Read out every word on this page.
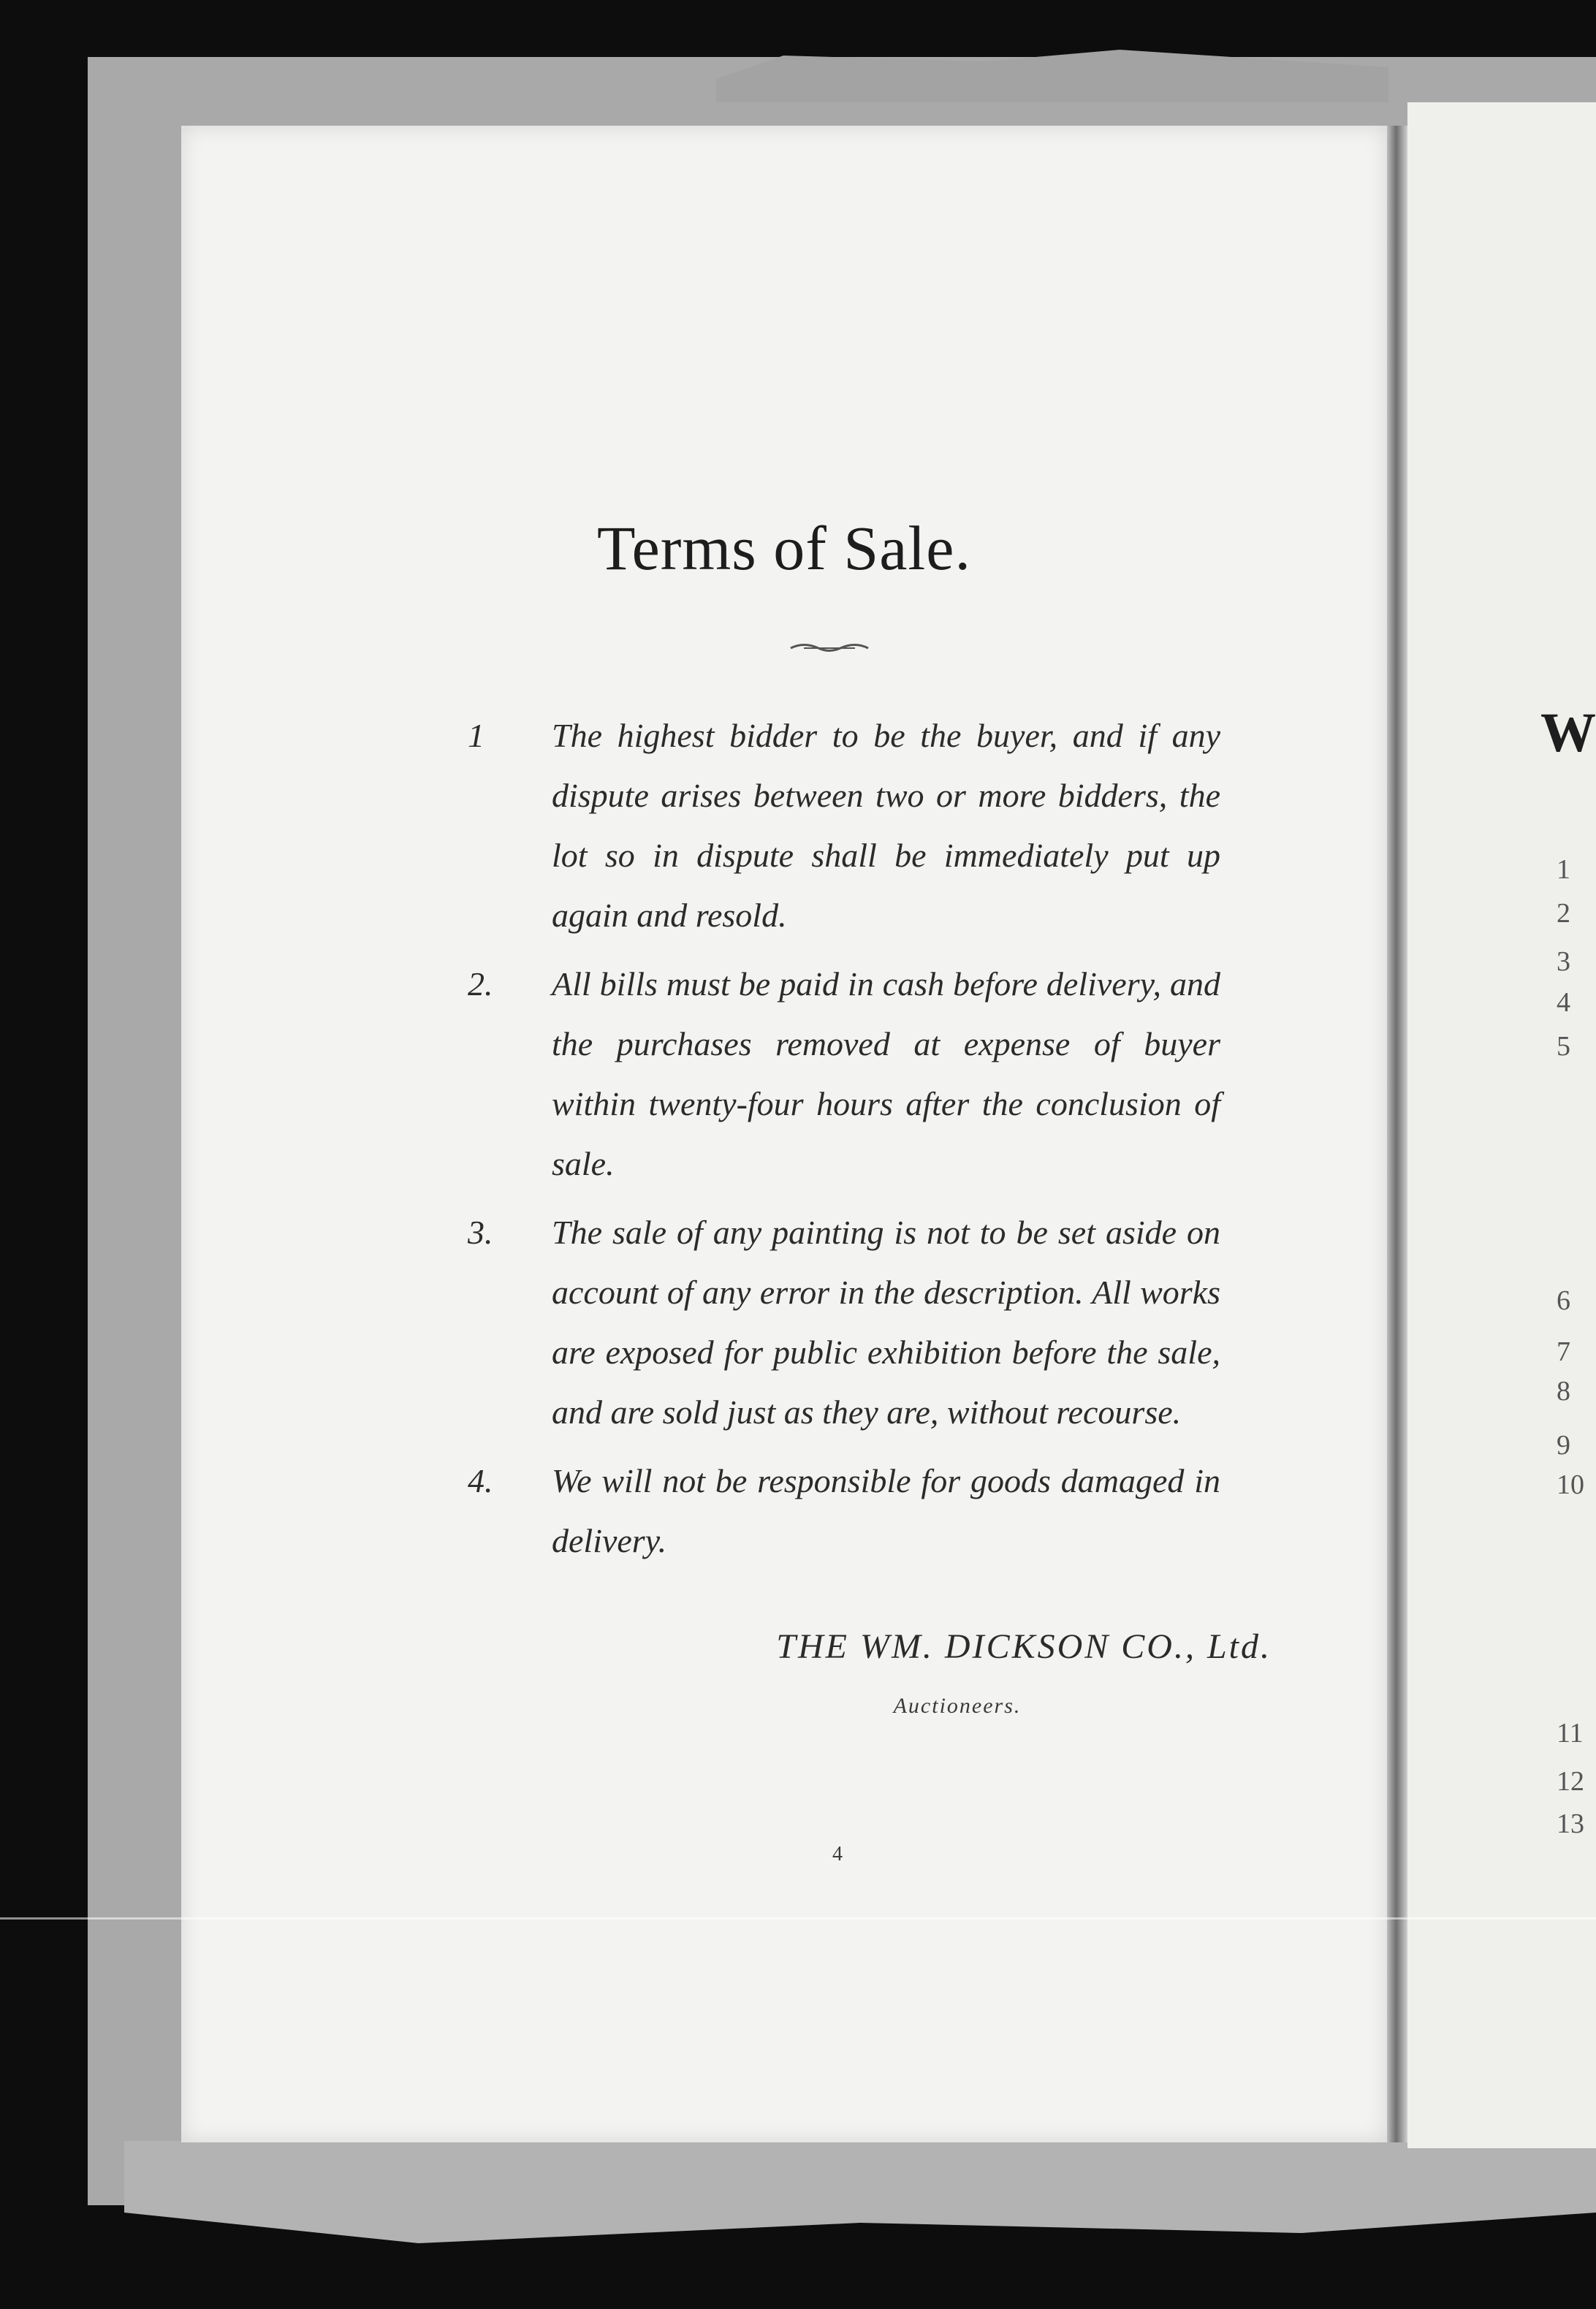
Terms of Sale.
1 The highest bidder to be the buyer, and if any dispute arises between two or more bidders, the lot so in dispute shall be immediately put up again and resold.
2. All bills must be paid in cash before delivery, and the purchases removed at expense of buyer within twenty-four hours after the conclusion of sale.
3. The sale of any painting is not to be set aside on account of any error in the description. All works are exposed for public exhibition before the sale, and are sold just as they are, without recourse.
4. We will not be responsible for goods damaged in delivery.
THE WM. DICKSON CO., Ltd.
Auctioneers.
4
W
1
2
3
4
5
6
7
8
9
10
11
12
13
